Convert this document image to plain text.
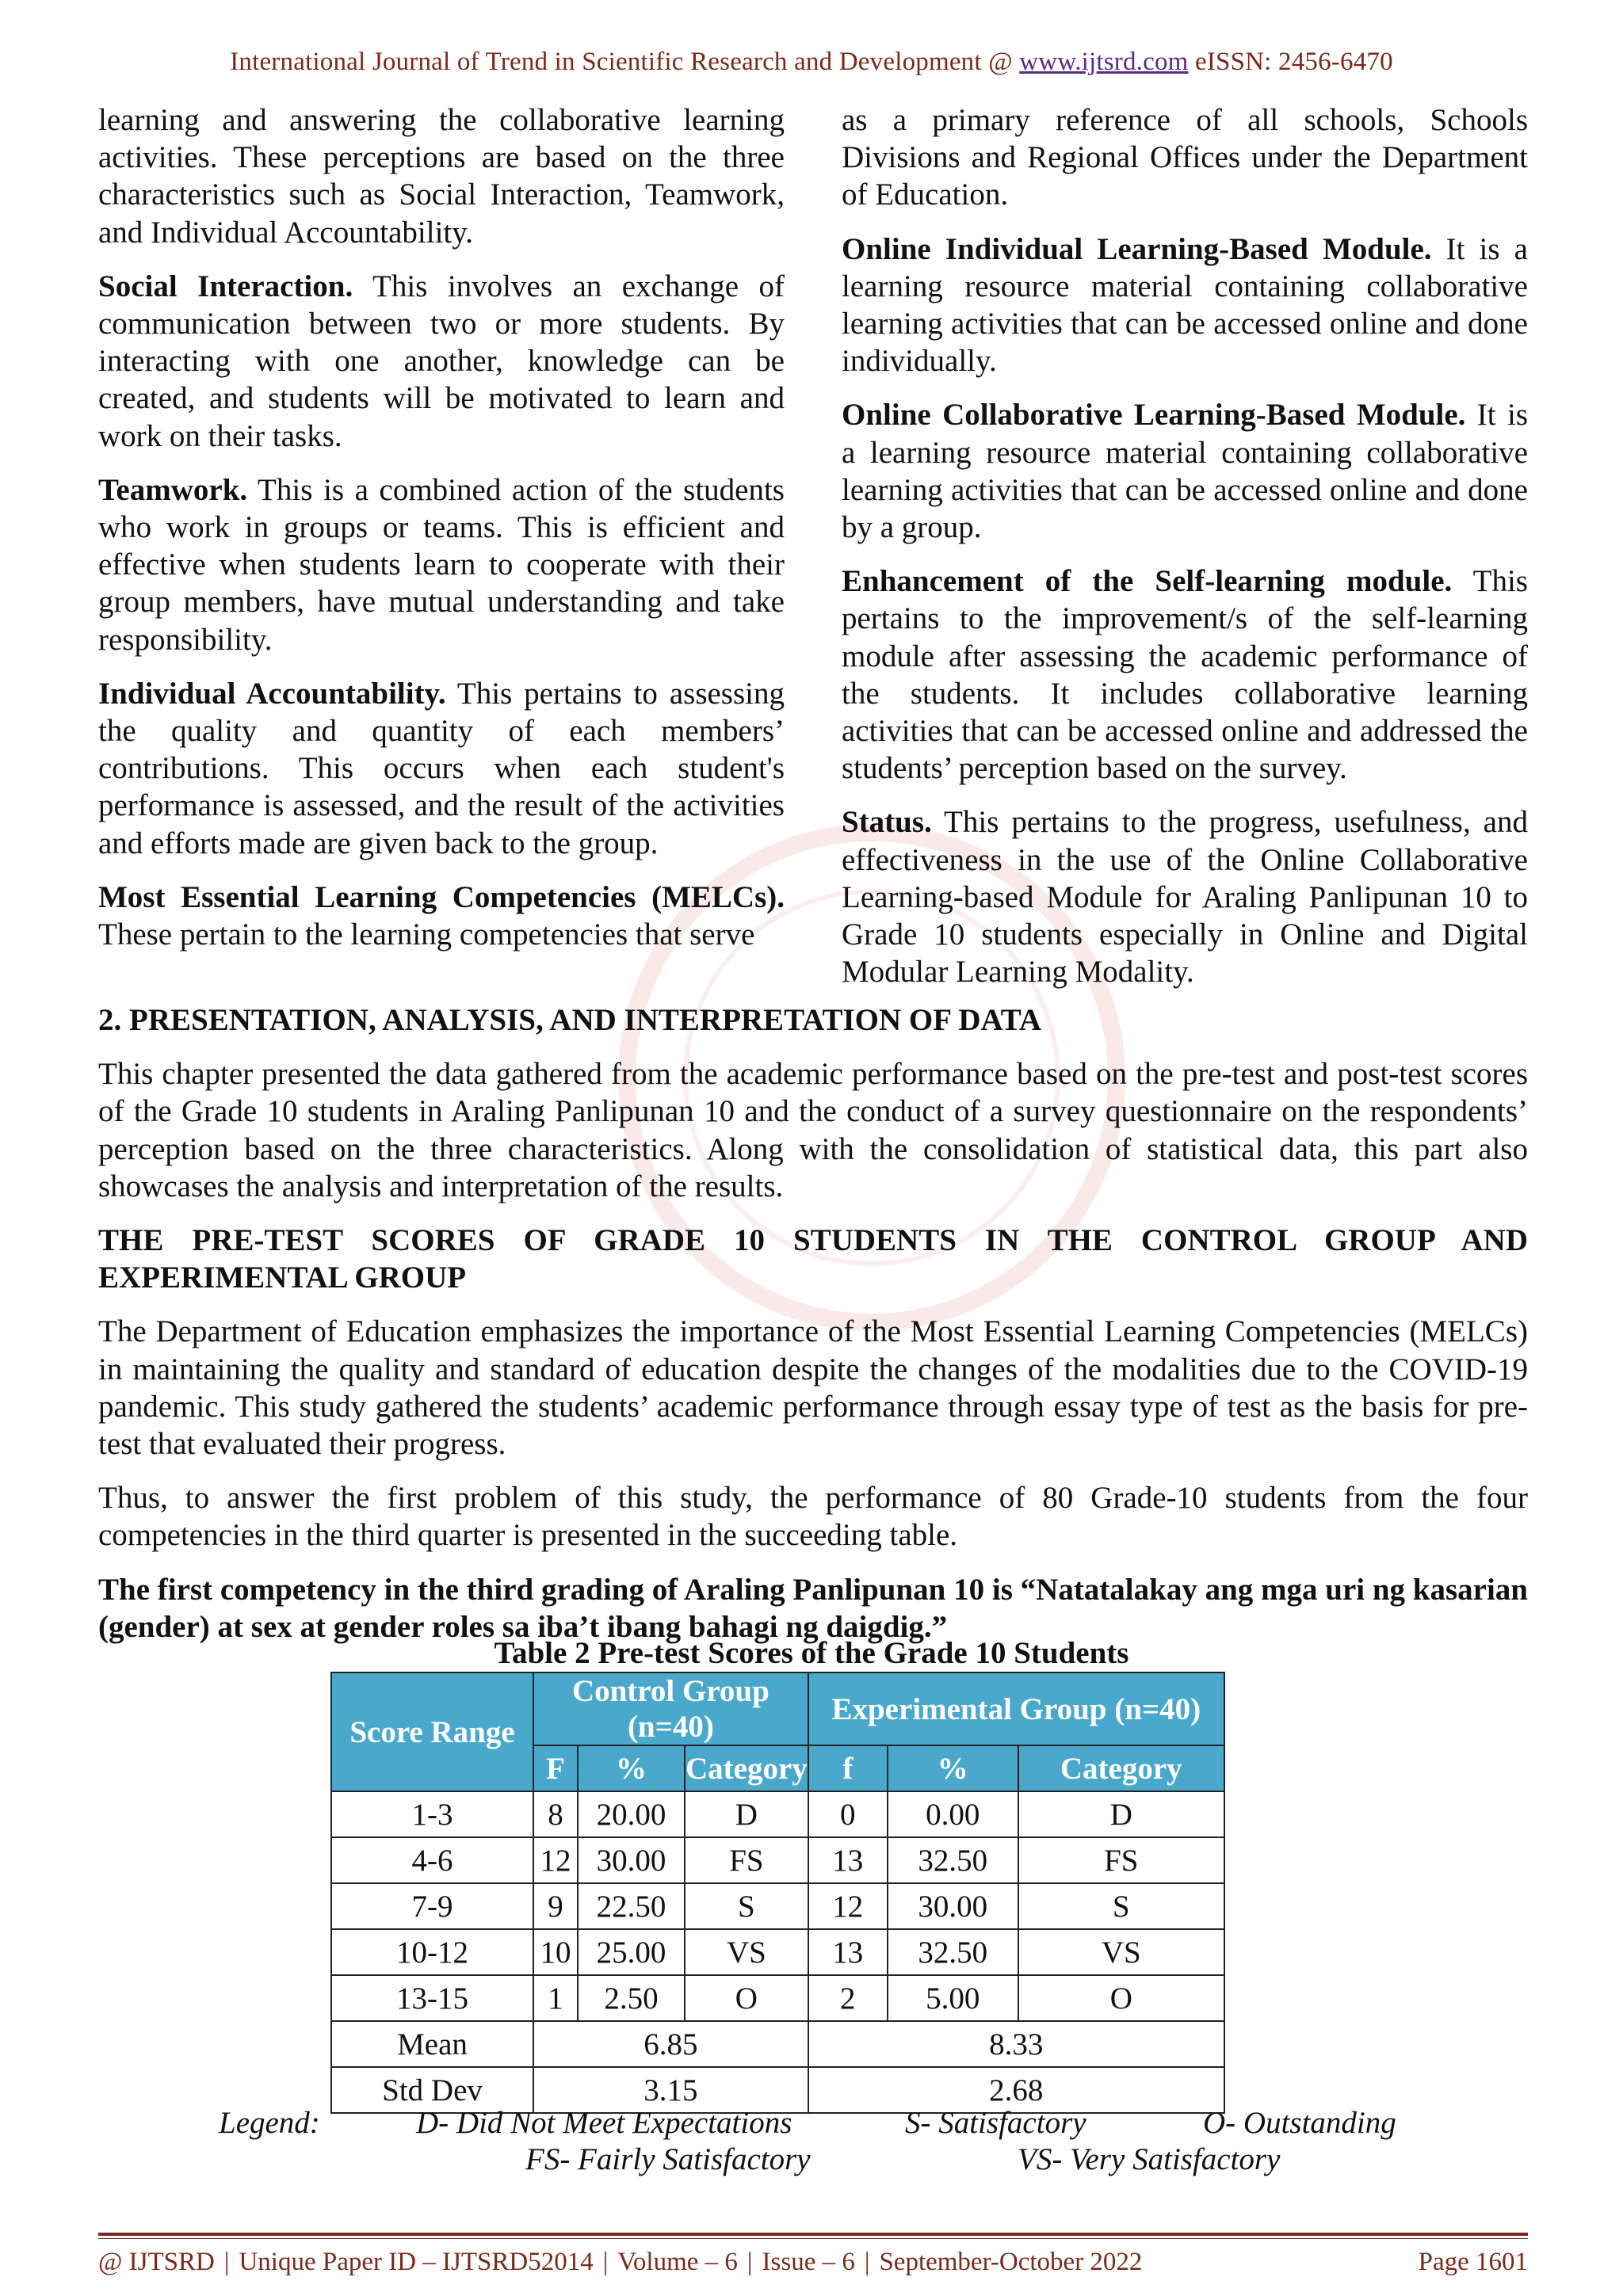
International Journal of Trend in Scientific Research and Development @ www.ijtsrd.com eISSN: 2456-6470

learning and answering the collaborative learning activities. These perceptions are based on the three characteristics such as Social Interaction, Teamwork, and Individual Accountability.

Social Interaction. This involves an exchange of communication between two or more students. By interacting with one another, knowledge can be created, and students will be motivated to learn and work on their tasks.

Teamwork. This is a combined action of the students who work in groups or teams. This is efficient and effective when students learn to cooperate with their group members, have mutual understanding and take responsibility.

Individual Accountability. This pertains to assessing the quality and quantity of each members’ contributions. This occurs when each student's performance is assessed, and the result of the activities and efforts made are given back to the group.

Most Essential Learning Competencies (MELCs). These pertain to the learning competencies that serve

as a primary reference of all schools, Schools Divisions and Regional Offices under the Department of Education.

Online Individual Learning-Based Module. It is a learning resource material containing collaborative learning activities that can be accessed online and done individually.

Online Collaborative Learning-Based Module. It is a learning resource material containing collaborative learning activities that can be accessed online and done by a group.

Enhancement of the Self-learning module. This pertains to the improvement/s of the self-learning module after assessing the academic performance of the students. It includes collaborative learning activities that can be accessed online and addressed the students’ perception based on the survey.

Status. This pertains to the progress, usefulness, and effectiveness in the use of the Online Collaborative Learning-based Module for Araling Panlipunan 10 to Grade 10 students especially in Online and Digital Modular Learning Modality.

2. PRESENTATION, ANALYSIS, AND INTERPRETATION OF DATA

This chapter presented the data gathered from the academic performance based on the pre-test and post-test scores of the Grade 10 students in Araling Panlipunan 10 and the conduct of a survey questionnaire on the respondents’ perception based on the three characteristics. Along with the consolidation of statistical data, this part also showcases the analysis and interpretation of the results.

THE PRE-TEST SCORES OF GRADE 10 STUDENTS IN THE CONTROL GROUP AND EXPERIMENTAL GROUP

The Department of Education emphasizes the importance of the Most Essential Learning Competencies (MELCs) in maintaining the quality and standard of education despite the changes of the modalities due to the COVID-19 pandemic. This study gathered the students’ academic performance through essay type of test as the basis for pre-test that evaluated their progress.

Thus, to answer the first problem of this study, the performance of 80 Grade-10 students from the four competencies in the third quarter is presented in the succeeding table.

The first competency in the third grading of Araling Panlipunan 10 is “Natatalakay ang mga uri ng kasarian (gender) at sex at gender roles sa iba’t ibang bahagi ng daigdig.”

Table 2 Pre-test Scores of the Grade 10 Students
Score Range	Control Group (n=40)			Experimental Group (n=40)		
	F	%	Category	f	%	Category
1-3	8	20.00	D	0	0.00	D
4-6	12	30.00	FS	13	32.50	FS
7-9	9	22.50	S	12	30.00	S
10-12	10	25.00	VS	13	32.50	VS
13-15	1	2.50	O	2	5.00	O
Mean	6.85			8.33		
Std Dev	3.15			2.68		
Legend:	D- Did Not Meet Expectations	S- Satisfactory	O- Outstanding
FS- Fairly Satisfactory	VS- Very Satisfactory
@ IJTSRD | Unique Paper ID – IJTSRD52014 | Volume – 6 | Issue – 6 | September-October 2022	Page 1601
